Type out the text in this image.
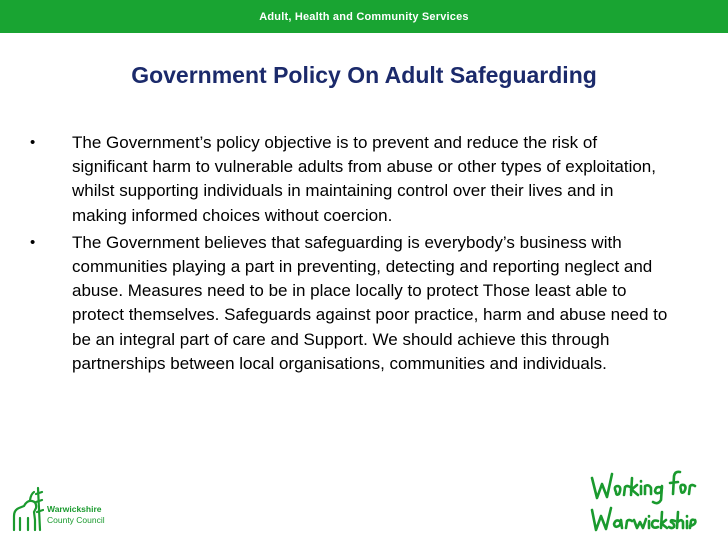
Adult, Health and Community Services
Government Policy On Adult Safeguarding
• The Government’s policy objective is to prevent and reduce the risk of significant harm to vulnerable adults from abuse or other types of exploitation, whilst supporting individuals in maintaining control over their lives and in making informed choices without coercion.
• The Government believes that safeguarding is everybody’s business with communities playing a part in preventing, detecting and reporting neglect and abuse. Measures need to be in place locally to protect Those least able to protect themselves. Safeguards against poor practice, harm and abuse need to be an integral part of care and Support. We should achieve this through partnerships between local organisations, communities and individuals.
Warwickshire
County Council
